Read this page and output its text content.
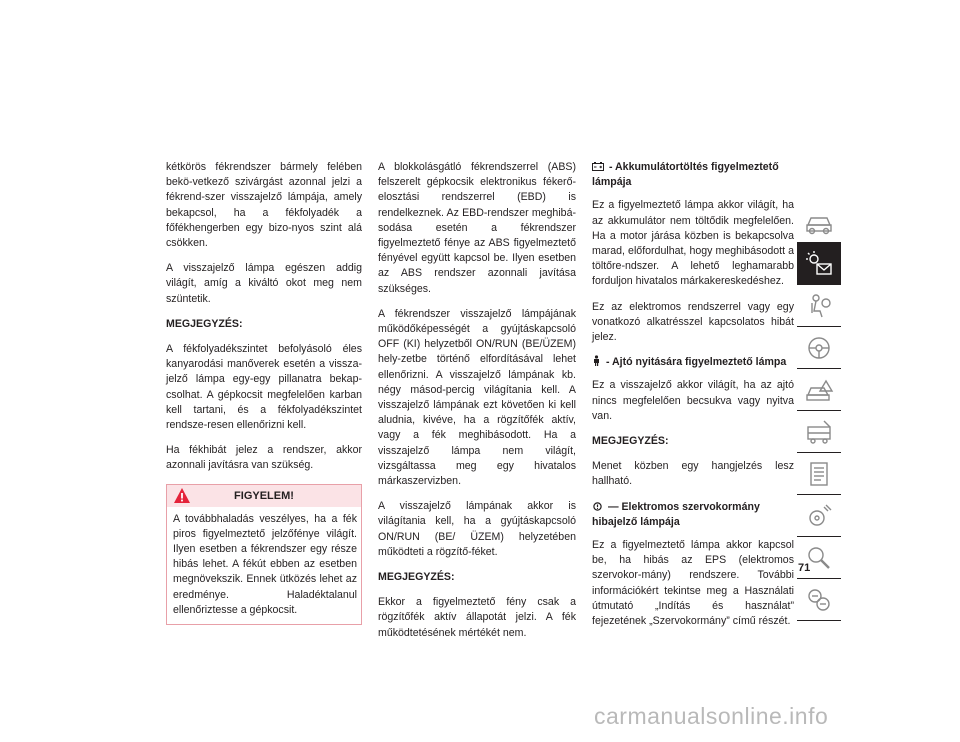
kétkörös fékrendszer bármely felében bekö-vetkező szivárgást azonnal jelzi a fékrend-szer visszajelző lámpája, amely bekapcsol, ha a fékfolyadék a főfékhengerben egy bizo-nyos szint alá csökken.

A visszajelző lámpa egészen addig világít, amíg a kiváltó okot meg nem szüntetik.

MEGJEGYZÉS:

A fékfolyadékszintet befolyásoló éles kanyarodási manőverek esetén a vissza-jelző lámpa egy-egy pillanatra bekap-csolhat. A gépkocsit megfelelően karban kell tartani, és a fékfolyadékszintet rendsze-resen ellenőrizni kell.

Ha fékhibát jelez a rendszer, akkor azonnali javításra van szükség.

FIGYELEM!

A továbbhaladás veszélyes, ha a fék piros figyelmeztető jelzőfénye világít. Ilyen esetben a fékrendszer egy része hibás lehet. A fékút ebben az esetben megnövekszik. Ennek ütközés lehet az eredménye. Haladéktalanul ellenőriztesse a gépkocsit.

A blokkolásgátló fékrendszerrel (ABS) felszerelt gépkocsik elektronikus fékerő-elosztási rendszerrel (EBD) is rendelkeznek. Az EBD-rendszer meghibá-sodása esetén a fékrendszer figyelmeztető fénye az ABS figyelmeztető fényével együtt kapcsol be. Ilyen esetben az ABS rendszer azonnali javítása szükséges.

A fékrendszer visszajelző lámpájának működőképességét a gyújtáskapcsoló OFF (KI) helyzetből ON/RUN (BE/ÜZEM) hely-zetbe történő elfordításával lehet ellenőrizni. A visszajelző lámpának kb. négy másod-percig világítania kell. A visszajelző lámpának ezt követően ki kell aludnia, kivéve, ha a rögzítőfék aktív, vagy a fék meghibásodott. Ha a visszajelző lámpa nem világít, vizsgáltassa meg egy hivatalos márkaszervizben.

A visszajelző lámpának akkor is világítania kell, ha a gyújtáskapcsoló ON/RUN (BE/ ÜZEM) helyzetében működteti a rögzítő-féket.

MEGJEGYZÉS:

Ekkor a figyelmeztető fény csak a rögzítőfék aktív állapotát jelzi. A fék működtetésének mértékét nem.

- Akkumulátortöltés figyelmeztető lámpája

Ez a figyelmeztető lámpa akkor világít, ha az akkumulátor nem töltődik megfelelően. Ha a motor járása közben is bekapcsolva marad, előfordulhat, hogy meghibásodott a töltőre-ndszer. A lehető leghamarabb forduljon hivatalos márkakereskedéshez.

Ez az elektromos rendszerrel vagy egy vonatkozó alkatrésszel kapcsolatos hibát jelez.

- Ajtó nyitására figyelmeztető lámpa

Ez a visszajelző akkor világít, ha az ajtó nincs megfelelően becsukva vagy nyitva van.

MEGJEGYZÉS:

Menet közben egy hangjelzés lesz hallható.

— Elektromos szervokormány hibajelző lámpája

Ez a figyelmeztető lámpa akkor kapcsol be, ha hibás az EPS (elektromos szervokor-mány) rendszere. További információkért tekintse meg a Használati útmutató „Indítás és használat” fejezetének „Szervokormány” című részét.

71
carmanualsonline.info
